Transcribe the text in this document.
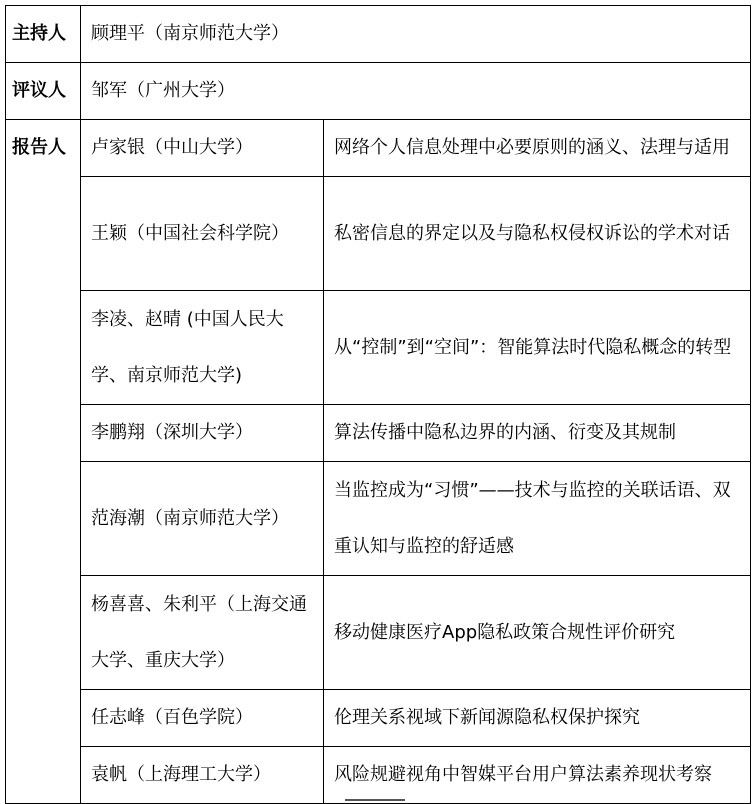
主持人	顾理平（南京师范大学）	
评议人	邹军（广州大学）	
报告人	卢家银（中山大学）	网络个人信息处理中必要原则的涵义、法理与适用
	王颖（中国社会科学院）	私密信息的界定以及与隐私权侵权诉讼的学术对话
	李凌、赵晴 (中国人民大学、南京师范大学)	从“控制”到“空间”：智能算法时代隐私概念的转型
	李鹏翔（深圳大学）	算法传播中隐私边界的内涵、衍变及其规制
	范海潮（南京师范大学）	当监控成为“习惯”——技术与监控的关联话语、双重认知与监控的舒适感
	杨喜喜、朱利平（上海交通大学、重庆大学）	移动健康医疗App隐私政策合规性评价研究
	任志峰（百色学院）	伦理关系视域下新闻源隐私权保护探究
	袁帆（上海理工大学）	风险规避视角中智媒平台用户算法素养现状考察
